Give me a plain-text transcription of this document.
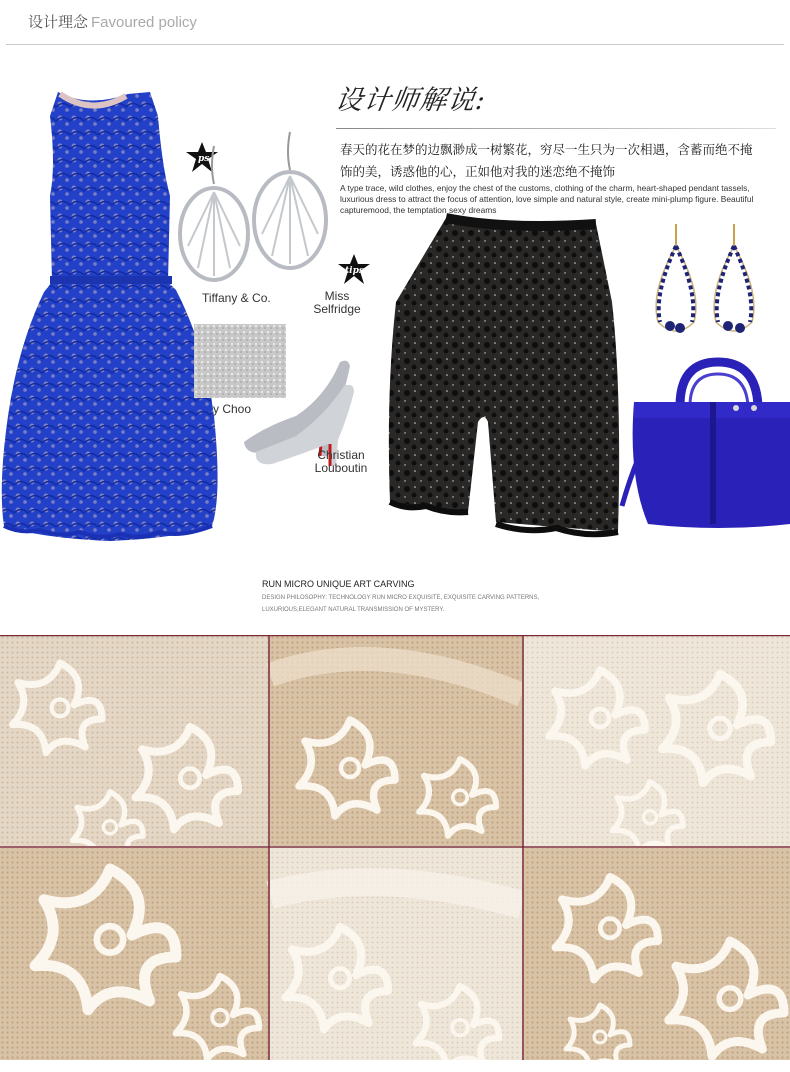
设计理念 Favoured policy
ps
Tiffany & Co.
tips
Miss
Selfridge
y Choo
Christian
Louboutin
设计师解说:
春天的花在梦的边飘渺成一树繁花，穷尽一生只为一次相遇，含蓄而绝不掩饰的美，诱惑他的心，正如他对我的迷恋绝不掩饰
A type trace, wild clothes, enjoy the chest of the customs, clothing of the charm, heart-shaped pendant tassels, luxurious dress to attract the focus of attention, love simple and natural style, create mini-plump figure. Beautiful capturemood, the temptation sexy dreams
RUN MICRO UNIQUE ART CARVING
DESIGN PHILOSOPHY: TECHNOLOGY RUN MICRO EXQUISITE, EXQUISITE CARVING PATTERNS,
LUXURIOUS,ELEGANT NATURAL TRANSMISSION OF MYSTERY.
